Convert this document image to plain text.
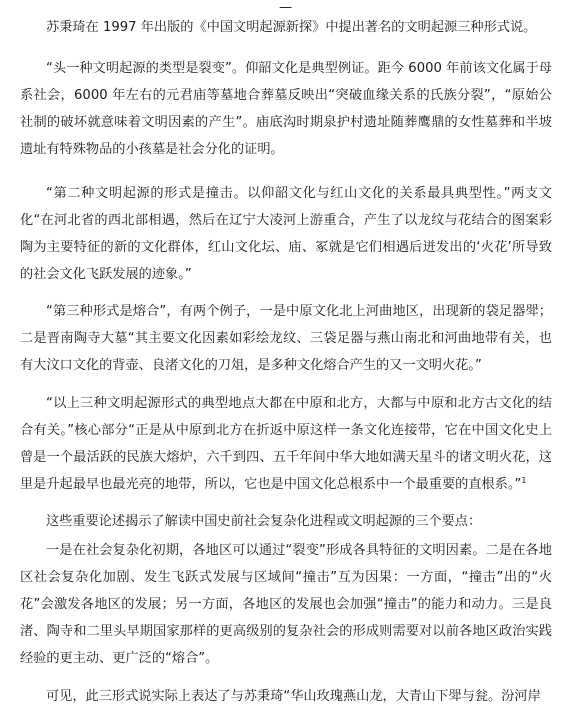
—

苏秉琦在 1997 年出版的《中国文明起源新探》中提出著名的文明起源三种形式说。

“头一种文明起源的类型是裂变”。仰韶文化是典型例证。距今 6000 年前该文化属于母系社会，6000 年左右的元君庙等墓地合葬墓反映出“突破血缘关系的氏族分裂”，“原始公社制的破坏就意味着文明因素的产生”。庙底沟时期泉护村遗址随葬鹰鼎的女性墓葬和半坡遗址有特殊物品的小孩墓是社会分化的证明。

“第二种文明起源的形式是撞击。以仰韶文化与红山文化的关系最具典型性。”两支文化“在河北省的西北部相遇，然后在辽宁大凌河上游重合，产生了以龙纹与花结合的图案彩陶为主要特征的新的文化群体，红山文化坛、庙、冢就是它们相遇后迸发出的‘火花’所导致的社会文化飞跃发展的迹象。”

“第三种形式是熔合”，有两个例子，一是中原文化北上河曲地区，出现新的袋足器斝；二是晋南陶寺大墓“其主要文化因素如彩绘龙纹、三袋足器与燕山南北和河曲地带有关，也有大汶口文化的背壶、良渚文化的刀俎，是多种文化熔合产生的又一文明火花。”

“以上三种文明起源形式的典型地点大都在中原和北方，大都与中原和北方古文化的结合有关。”核心部分“正是从中原到北方在折返中原这样一条文化连接带，它在中国文化史上曾是一个最活跃的民族大熔炉，六千到四、五千年间中华大地如满天星斗的诸文明火花，这里是升起最早也最光亮的地带，所以，它也是中国文化总根系中一个最重要的直根系。”$^1$

这些重要论述揭示了解读中国史前社会复杂化进程或文明起源的三个要点：

一是在社会复杂化初期，各地区可以通过“裂变”形成各具特征的文明因素。二是在各地区社会复杂化加剧、发生飞跃式发展与区域间“撞击”互为因果：一方面，“撞击”出的“火花”会激发各地区的发展；另一方面，各地区的发展也会加强“撞击”的能力和动力。三是良渚、陶寺和二里头早期国家那样的更高级别的复杂社会的形成则需要对以前各地区政治实践经验的更主动、更广泛的“熔合”。

可见，此三形式说实际上表达了与苏秉琦“华山玫瑰燕山龙，大青山下斝与瓮。汾河岸
